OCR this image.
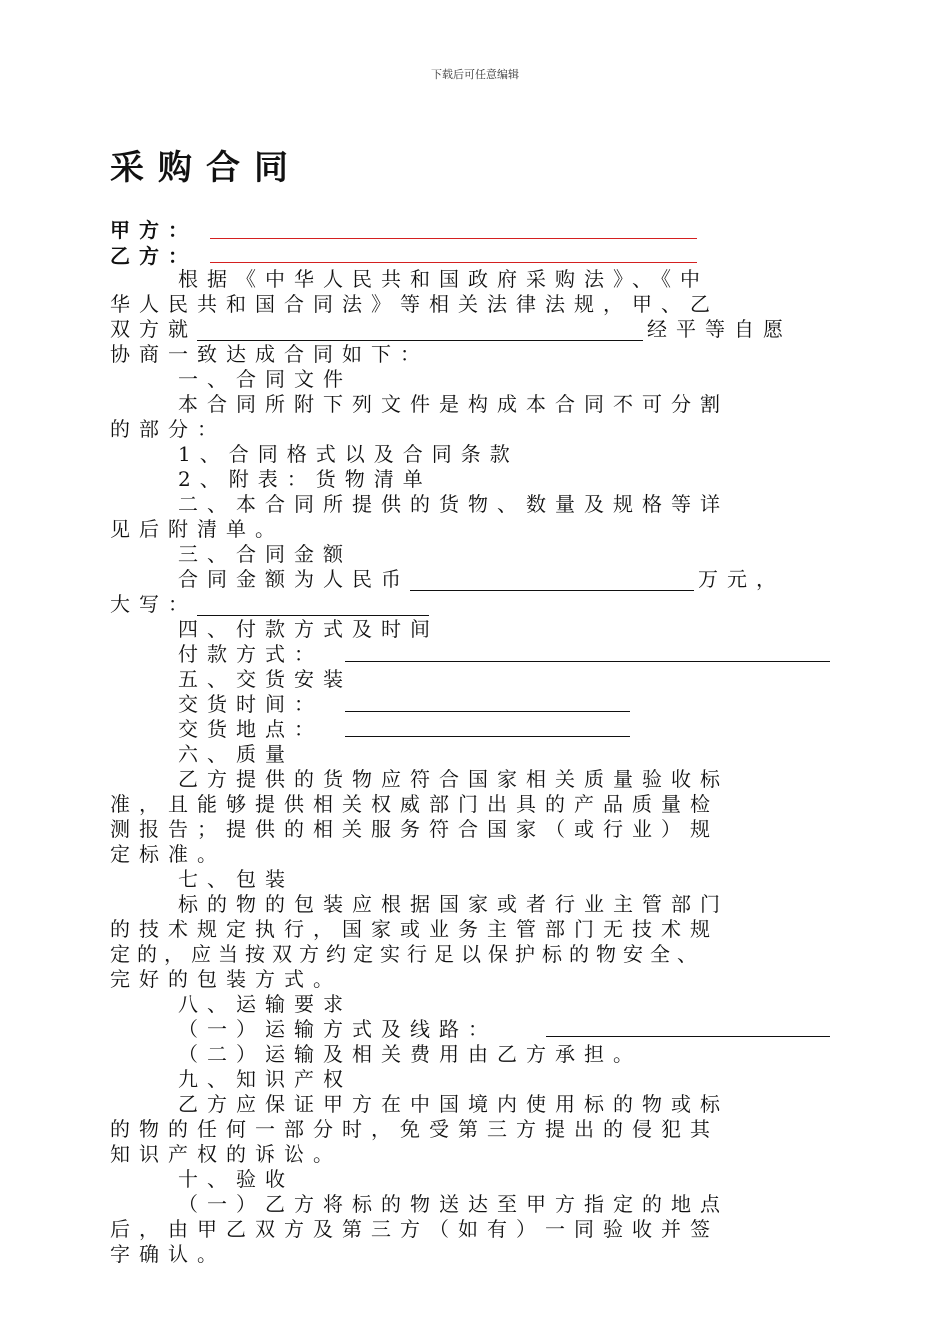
下载后可任意编辑
采购合同
甲方：
乙方：
根据《中华人民共和国政府采购法》、《中
华人民共和国合同法》等相关法律法规，甲、乙
双方就	经平等自愿
协商一致达成合同如下：
一、合同文件
本合同所附下列文件是构成本合同不可分割
的部分：
1、合同格式以及合同条款
2、附表：货物清单
二、本合同所提供的货物、数量及规格等详
见后附清单。
三、合同金额
合同金额为人民币	万元，
大写：
四、付款方式及时间
付款方式：
五、交货安装
交货时间：
交货地点：
六、质量
乙方提供的货物应符合国家相关质量验收标
准，且能够提供相关权威部门出具的产品质量检
测报告；提供的相关服务符合国家（或行业）规
定标准。
七、包装
标的物的包装应根据国家或者行业主管部门
的技术规定执行，国家或业务主管部门无技术规
定的，应当按双方约定实行足以保护标的物安全、
完好的包装方式。
八、运输要求
（一）运输方式及线路：
（二）运输及相关费用由乙方承担。
九、知识产权
乙方应保证甲方在中国境内使用标的物或标
的物的任何一部分时，免受第三方提出的侵犯其
知识产权的诉讼。
十、验收
（一）乙方将标的物送达至甲方指定的地点
后，由甲乙双方及第三方（如有）一同验收并签
字确认。
